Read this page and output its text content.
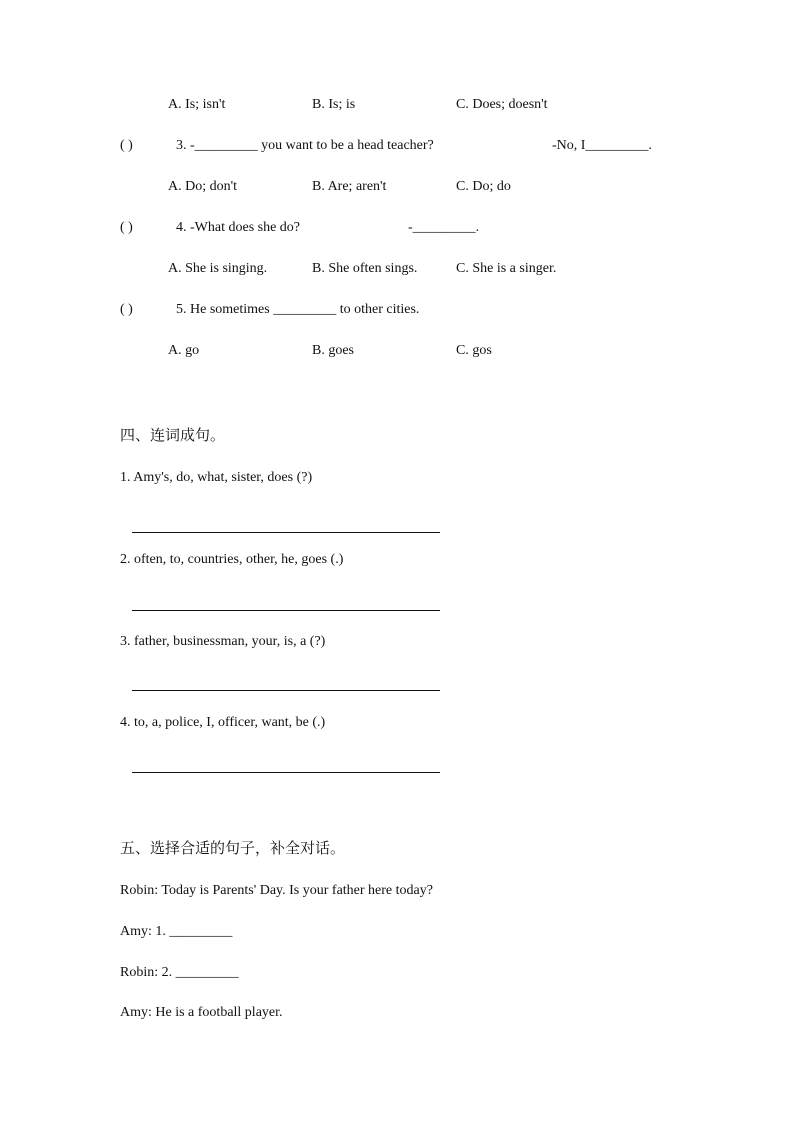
A. Is; isn't	B. Is; is	C. Does; doesn't
( )	3. -_________ you want to be a head teacher?	-No, I_________.
A. Do; don't	B. Are; aren't	C. Do; do
( )	4. -What does she do?	-_________.
A. She is singing.	B. She often sings.	C. She is a singer.
( )	5. He sometimes _________ to other cities.
A. go	B. goes	C. gos
四、连词成句。
1. Amy's, do, what, sister, does (?)
2. often, to, countries, other, he, goes (.)
3. father, businessman, your, is, a (?)
4. to, a, police, I, officer, want, be (.)
五、选择合适的句子，补全对话。
Robin: Today is Parents' Day. Is your father here today?
Amy: 1. _________
Robin: 2. _________
Amy: He is a football player.
